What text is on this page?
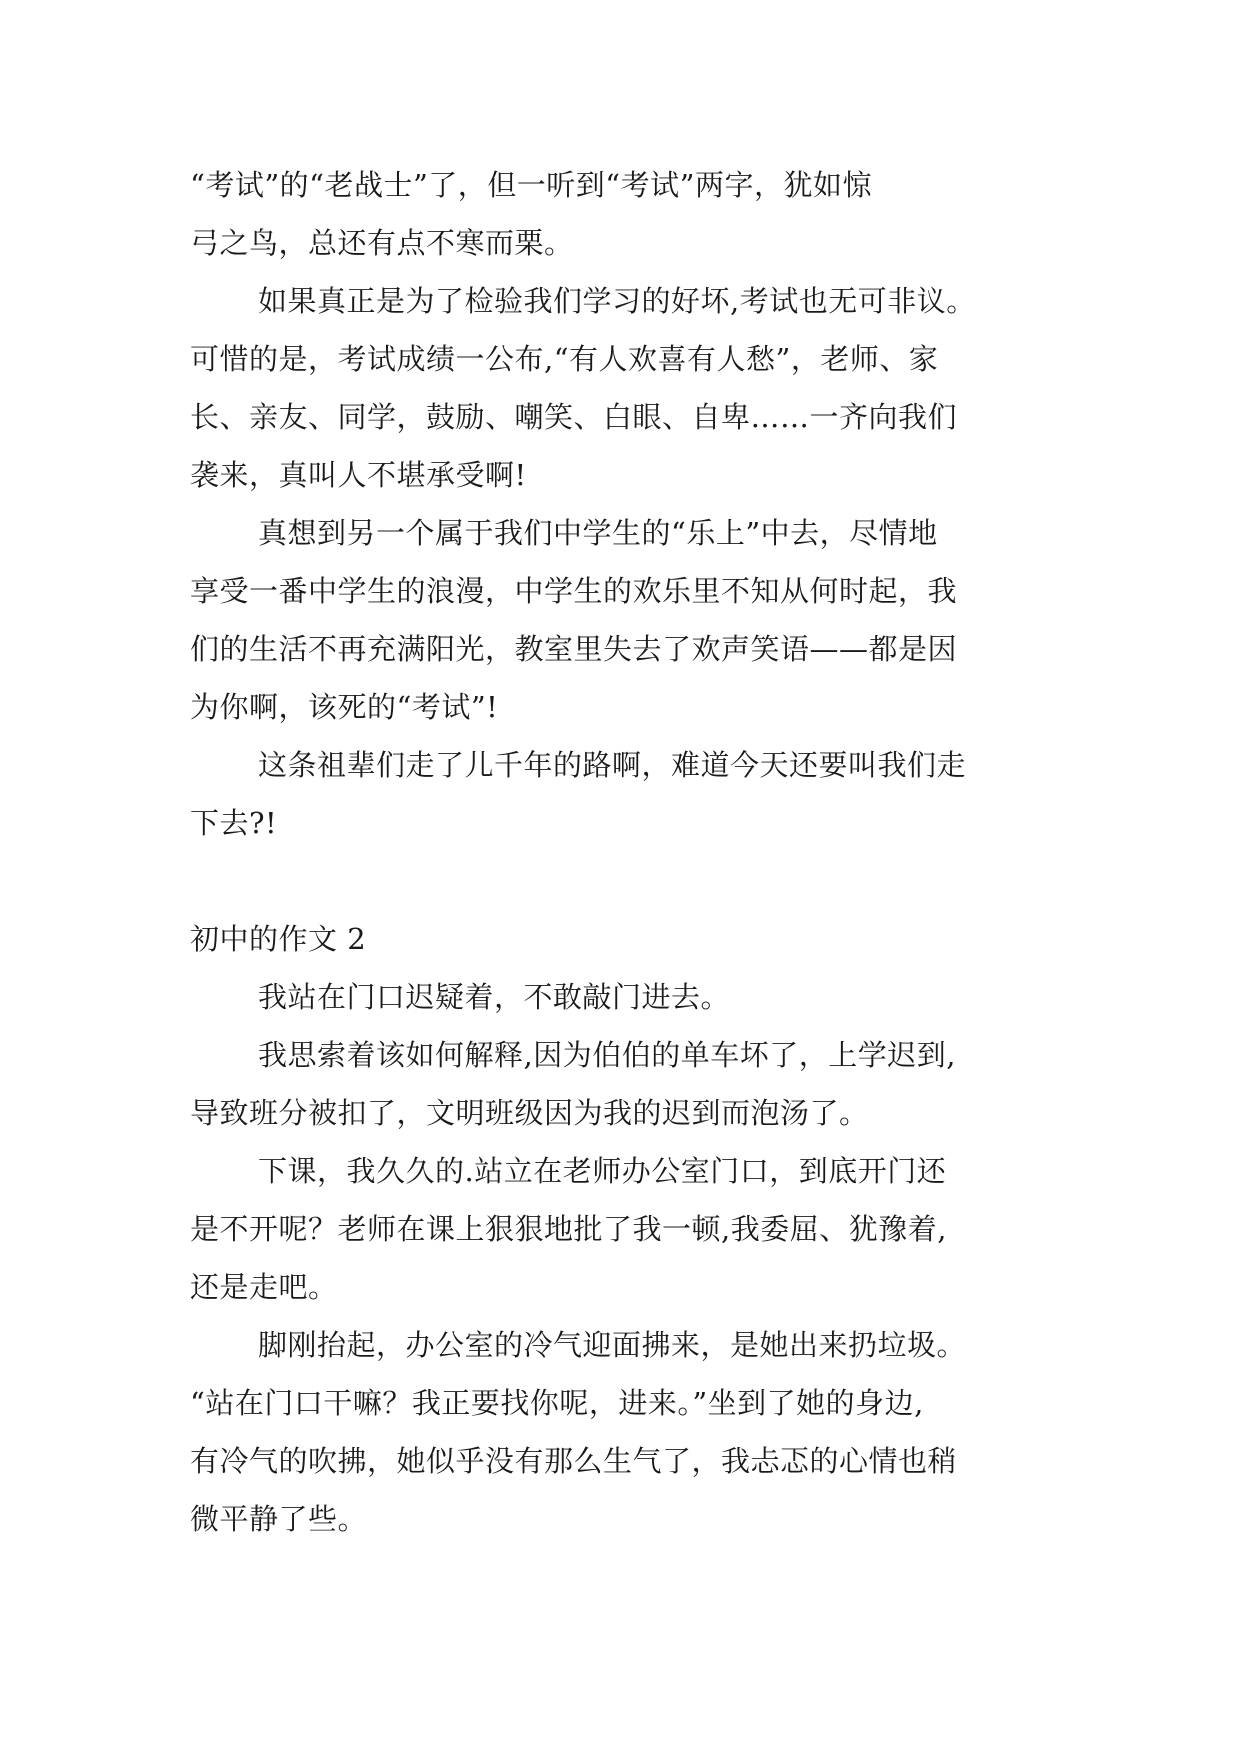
“考试”的“老战士”了，但一听到“考试”两字，犹如惊
弓之鸟，总还有点不寒而栗。
如果真正是为了检验我们学习的好坏,考试也无可非议。
可惜的是，考试成绩一公布,“有人欢喜有人愁”，老师、家
长、亲友、同学，鼓励、嘲笑、白眼、自卑……一齐向我们
袭来，真叫人不堪承受啊!
真想到另一个属于我们中学生的“乐上”中去，尽情地
享受一番中学生的浪漫，中学生的欢乐里不知从何时起，我
们的生活不再充满阳光，教室里失去了欢声笑语——都是因
为你啊，该死的“考试”!
这条祖辈们走了儿千年的路啊，难道今天还要叫我们走
下去?!
初中的作文 2
我站在门口迟疑着，不敢敲门进去。
我思索着该如何解释,因为伯伯的单车坏了，上学迟到,
导致班分被扣了，文明班级因为我的迟到而泡汤了。
下课，我久久的.站立在老师办公室门口，到底开门还
是不开呢？老师在课上狠狠地批了我一顿,我委屈、犹豫着,
还是走吧。
脚刚抬起，办公室的冷气迎面拂来，是她出来扔垃圾。
“站在门口干嘛？我正要找你呢，进来。”坐到了她的身边,
有冷气的吹拂，她似乎没有那么生气了，我忐忑的心情也稍
微平静了些。
